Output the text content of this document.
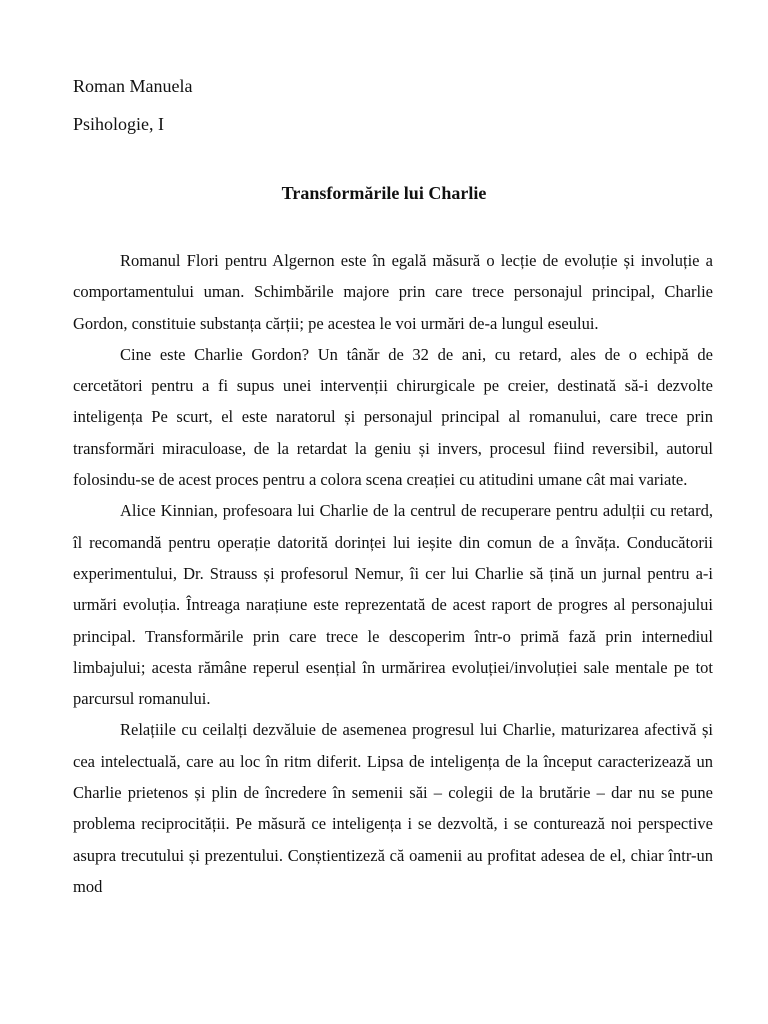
Roman Manuela
Psihologie, I
Transformările lui Charlie

Romanul Flori pentru Algernon este în egală măsură o lecție de evoluție și involuție a comportamentului uman. Schimbările majore prin care trece personajul principal, Charlie Gordon, constituie substanța cărții; pe acestea le voi urmări de-a lungul eseului.

Cine este Charlie Gordon? Un tânăr de 32 de ani, cu retard, ales de o echipă de cercetători pentru a fi supus unei intervenții chirurgicale pe creier, destinată să-i dezvolte inteligența Pe scurt, el este naratorul și personajul principal al romanului, care trece prin transformări miraculoase, de la retardat la geniu și invers, procesul fiind reversibil, autorul folosindu-se de acest proces pentru a colora scena creației cu atitudini umane cât mai variate.

Alice Kinnian, profesoara lui Charlie de la centrul de recuperare pentru adulții cu retard, îl recomandă pentru operație datorită dorinței lui ieșite din comun de a învăța. Conducătorii experimentului, Dr. Strauss și profesorul Nemur, îi cer lui Charlie să țină un jurnal pentru a-i urmări evoluția. Întreaga narațiune este reprezentată de acest raport de progres al personajului principal. Transformările prin care trece le descoperim într-o primă fază prin internediul limbajului; acesta rămâne reperul esențial în urmărirea evoluției/involuției sale mentale pe tot parcursul romanului.

Relațiile cu ceilalți dezvăluie de asemenea progresul lui Charlie, maturizarea afectivă și cea intelectuală, care au loc în ritm diferit. Lipsa de inteligența de la început caracterizează un Charlie prietenos și plin de încredere în semenii săi – colegii de la brutărie – dar nu se pune problema reciprocității. Pe măsură ce inteligența i se dezvoltă, i se conturează noi perspective asupra trecutului și prezentului. Conștientizeză că oamenii au profitat adesea de el, chiar într-un mod
